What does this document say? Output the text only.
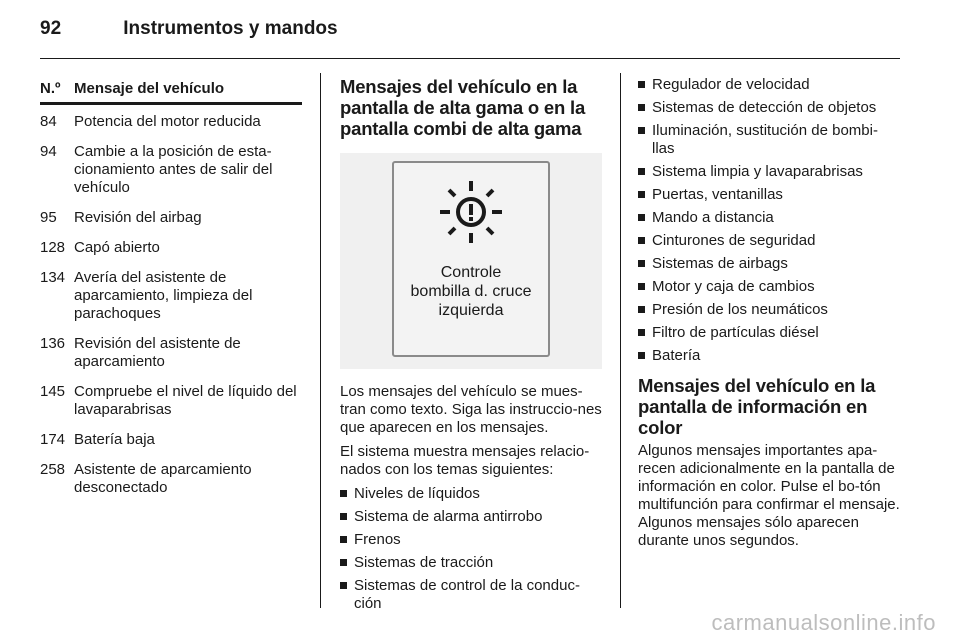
92	Instrumentos y mandos
N.º Mensaje del vehículo
84	Potencia del motor reducida
94	Cambie a la posición de esta-cionamiento antes de salir del vehículo
95	Revisión del airbag
128 Capó abierto
134 Avería del asistente de aparcamiento, limpieza del parachoques
136 Revisión del asistente de aparcamiento
145 Compruebe el nivel de líquido del lavaparabrisas
174 Batería baja
258 Asistente de aparcamiento desconectado
Mensajes del vehículo en la pantalla de alta gama o en la pantalla combi de alta gama
Controle
bombilla d. cruce
izquierda

Los mensajes del vehículo se mues-tran como texto. Siga las instruccio-nes que aparecen en los mensajes.

El sistema muestra mensajes relacio-nados con los temas siguientes:

Niveles de líquidos
Sistema de alarma antirrobo
Frenos
Sistemas de tracción
Sistemas de control de la conduc-ción
Regulador de velocidad
Sistemas de detección de objetos
Iluminación, sustitución de bombi-llas
Sistema limpia y lavaparabrisas
Puertas, ventanillas
Mando a distancia
Cinturones de seguridad
Sistemas de airbags
Motor y caja de cambios
Presión de los neumáticos
Filtro de partículas diésel
Batería
Mensajes del vehículo en la pantalla de información en color

Algunos mensajes importantes apa-recen adicionalmente en la pantalla de información en color. Pulse el bo-tón multifunción para confirmar el mensaje. Algunos mensajes sólo aparecen durante unos segundos.

carmanualsonline.info
